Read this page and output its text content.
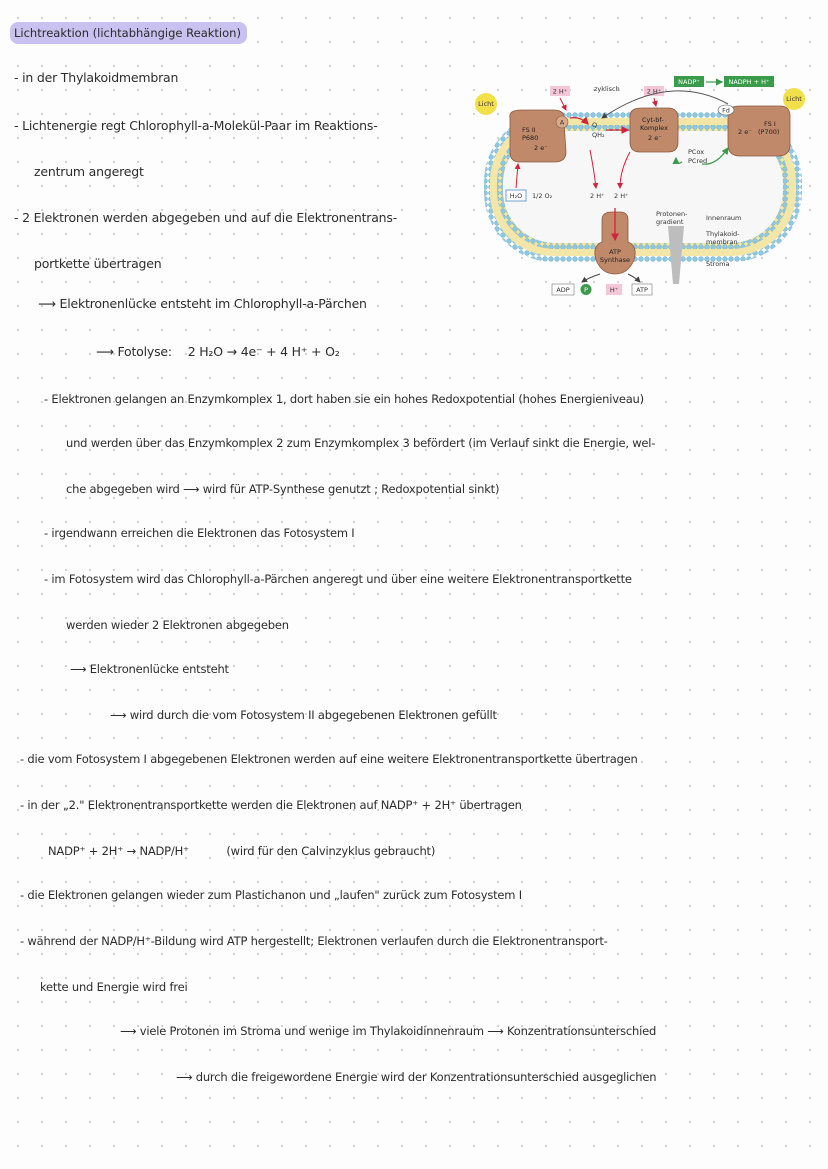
Lichtreaktion (lichtabhängige Reaktion)
- in der Thylakoidmembran
- Lichtenergie regt Chlorophyll-a-Molekül-Paar im Reaktions-
zentrum angeregt
- 2 Elektronen werden abgegeben und auf die Elektronentrans-
portkette übertragen
⟶ Elektronenlücke entsteht im Chlorophyll-a-Pärchen
⟶ Fotolyse: 2 H₂O → 4e⁻ + 4 H⁺ + O₂
- Elektronen gelangen an Enzymkomplex 1, dort haben sie ein hohes Redoxpotential (hohes Energieniveau)
und werden über das Enzymkomplex 2 zum Enzymkomplex 3 befördert (im Verlauf sinkt die Energie, wel-
che abgegeben wird ⟶ wird für ATP-Synthese genutzt ; Redoxpotential sinkt)
- irgendwann erreichen die Elektronen das Fotosystem I
- im Fotosystem wird das Chlorophyll-a-Pärchen angeregt und über eine weitere Elektronentransportkette
werden wieder 2 Elektronen abgegeben
⟶ Elektronenlücke entsteht
⟶ wird durch die vom Fotosystem II abgegebenen Elektronen gefüllt
- die vom Fotosystem I abgegebenen Elektronen werden auf eine weitere Elektronentransportkette übertragen
- in der „2." Elektronentransportkette werden die Elektronen auf NADP⁺ + 2H⁺ übertragen
NADP⁺ + 2H⁺ → NADP/H⁺	(wird für den Calvinzyklus gebraucht)
- die Elektronen gelangen wieder zum Plastichanon und „laufen" zurück zum Fotosystem I
- während der NADP/H⁺-Bildung wird ATP hergestellt; Elektronen verlaufen durch die Elektronentransport-
kette und Energie wird frei
⟶ viele Protonen im Stroma und wenige im Thylakoidinnenraum ⟶ Konzentrationsunterschied
⟶ durch die freigewordene Energie wird der Konzentrationsunterschied ausgeglichen
Licht
Licht
FS II
P680
2 e⁻
A	Q
QH₂
Cyt-bf-
Komplex
2 e⁻
PCox
PCred
FS I
(P700)
2 e⁻
Fd
2 H⁺	zyklisch	2 H⁺
NADP⁺	NADPH + H⁺
H₂O 1/2 O₂	2 H⁺ 2 H⁺
Protonen-
gradient	Innenraum
Thylakoid-
membran
Stroma
ATP
Synthase
ADP P	H⁺	ATP
